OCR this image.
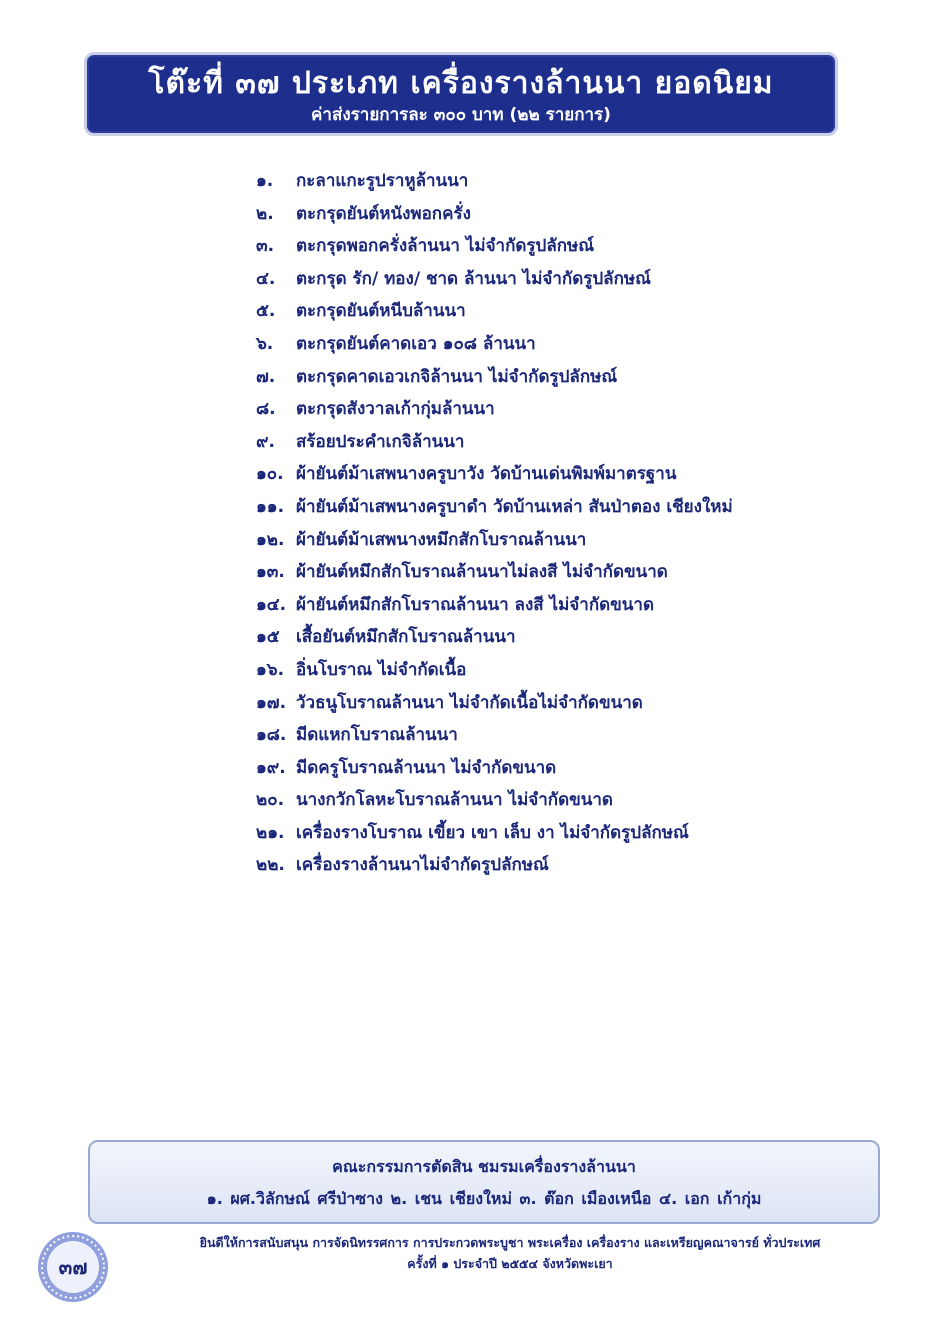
โต๊ะที่ ๓๗ ประเภท เครื่องรางล้านนา ยอดนิยม
ค่าส่งรายการละ ๓๐๐ บาท (๒๒ รายการ)
๑. กะลาแกะรูปราหูล้านนา
๒. ตะกรุดยันต์หนังพอกครั่ง
๓. ตะกรุดพอกครั่งล้านนา ไม่จำกัดรูปลักษณ์
๔. ตะกรุด รัก/ ทอง/ ชาด ล้านนา ไม่จำกัดรูปลักษณ์
๕. ตะกรุดยันต์หนีบล้านนา
๖. ตะกรุดยันต์คาดเอว ๑๐๘ ล้านนา
๗. ตะกรุดคาดเอวเกจิล้านนา ไม่จำกัดรูปลักษณ์
๘. ตะกรุดสังวาลเก้ากุ่มล้านนา
๙. สร้อยประคำเกจิล้านนา
๑๐. ผ้ายันต์ม้าเสพนางครูบาวัง วัดบ้านเด่นพิมพ์มาตรฐาน
๑๑. ผ้ายันต์ม้าเสพนางครูบาดำ วัดบ้านเหล่า สันป่าตอง เชียงใหม่
๑๒. ผ้ายันต์ม้าเสพนางหมึกสักโบราณล้านนา
๑๓. ผ้ายันต์หมึกสักโบราณล้านนาไม่ลงสี ไม่จำกัดขนาด
๑๔. ผ้ายันต์หมึกสักโบราณล้านนา ลงสี ไม่จำกัดขนาด
๑๕ เสื้อยันต์หมึกสักโบราณล้านนา
๑๖. อิ่นโบราณ ไม่จำกัดเนื้อ
๑๗. วัวธนูโบราณล้านนา ไม่จำกัดเนื้อไม่จำกัดขนาด
๑๘. มีดแหกโบราณล้านนา
๑๙. มีดครูโบราณล้านนา ไม่จำกัดขนาด
๒๐. นางกวักโลหะโบราณล้านนา ไม่จำกัดขนาด
๒๑. เครื่องรางโบราณ เขี้ยว เขา เล็บ งา ไม่จำกัดรูปลักษณ์
๒๒. เครื่องรางล้านนาไม่จำกัดรูปลักษณ์
คณะกรรมการตัดสิน ชมรมเครื่องรางล้านนา
๑. ผศ.วิลักษณ์ ศรีป่าซาง ๒. เชน เชียงใหม่ ๓. ต๊อก เมืองเหนือ ๔. เอก เก้ากุ่ม
๓๗
ยินดีให้การสนับสนุน การจัดนิทรรศการ การประกวดพระบูชา พระเครื่อง เครื่องราง และเหรียญคณาจารย์ ทั่วประเทศ
ครั้งที่ ๑ ประจำปี ๒๕๕๔ จังหวัดพะเยา
